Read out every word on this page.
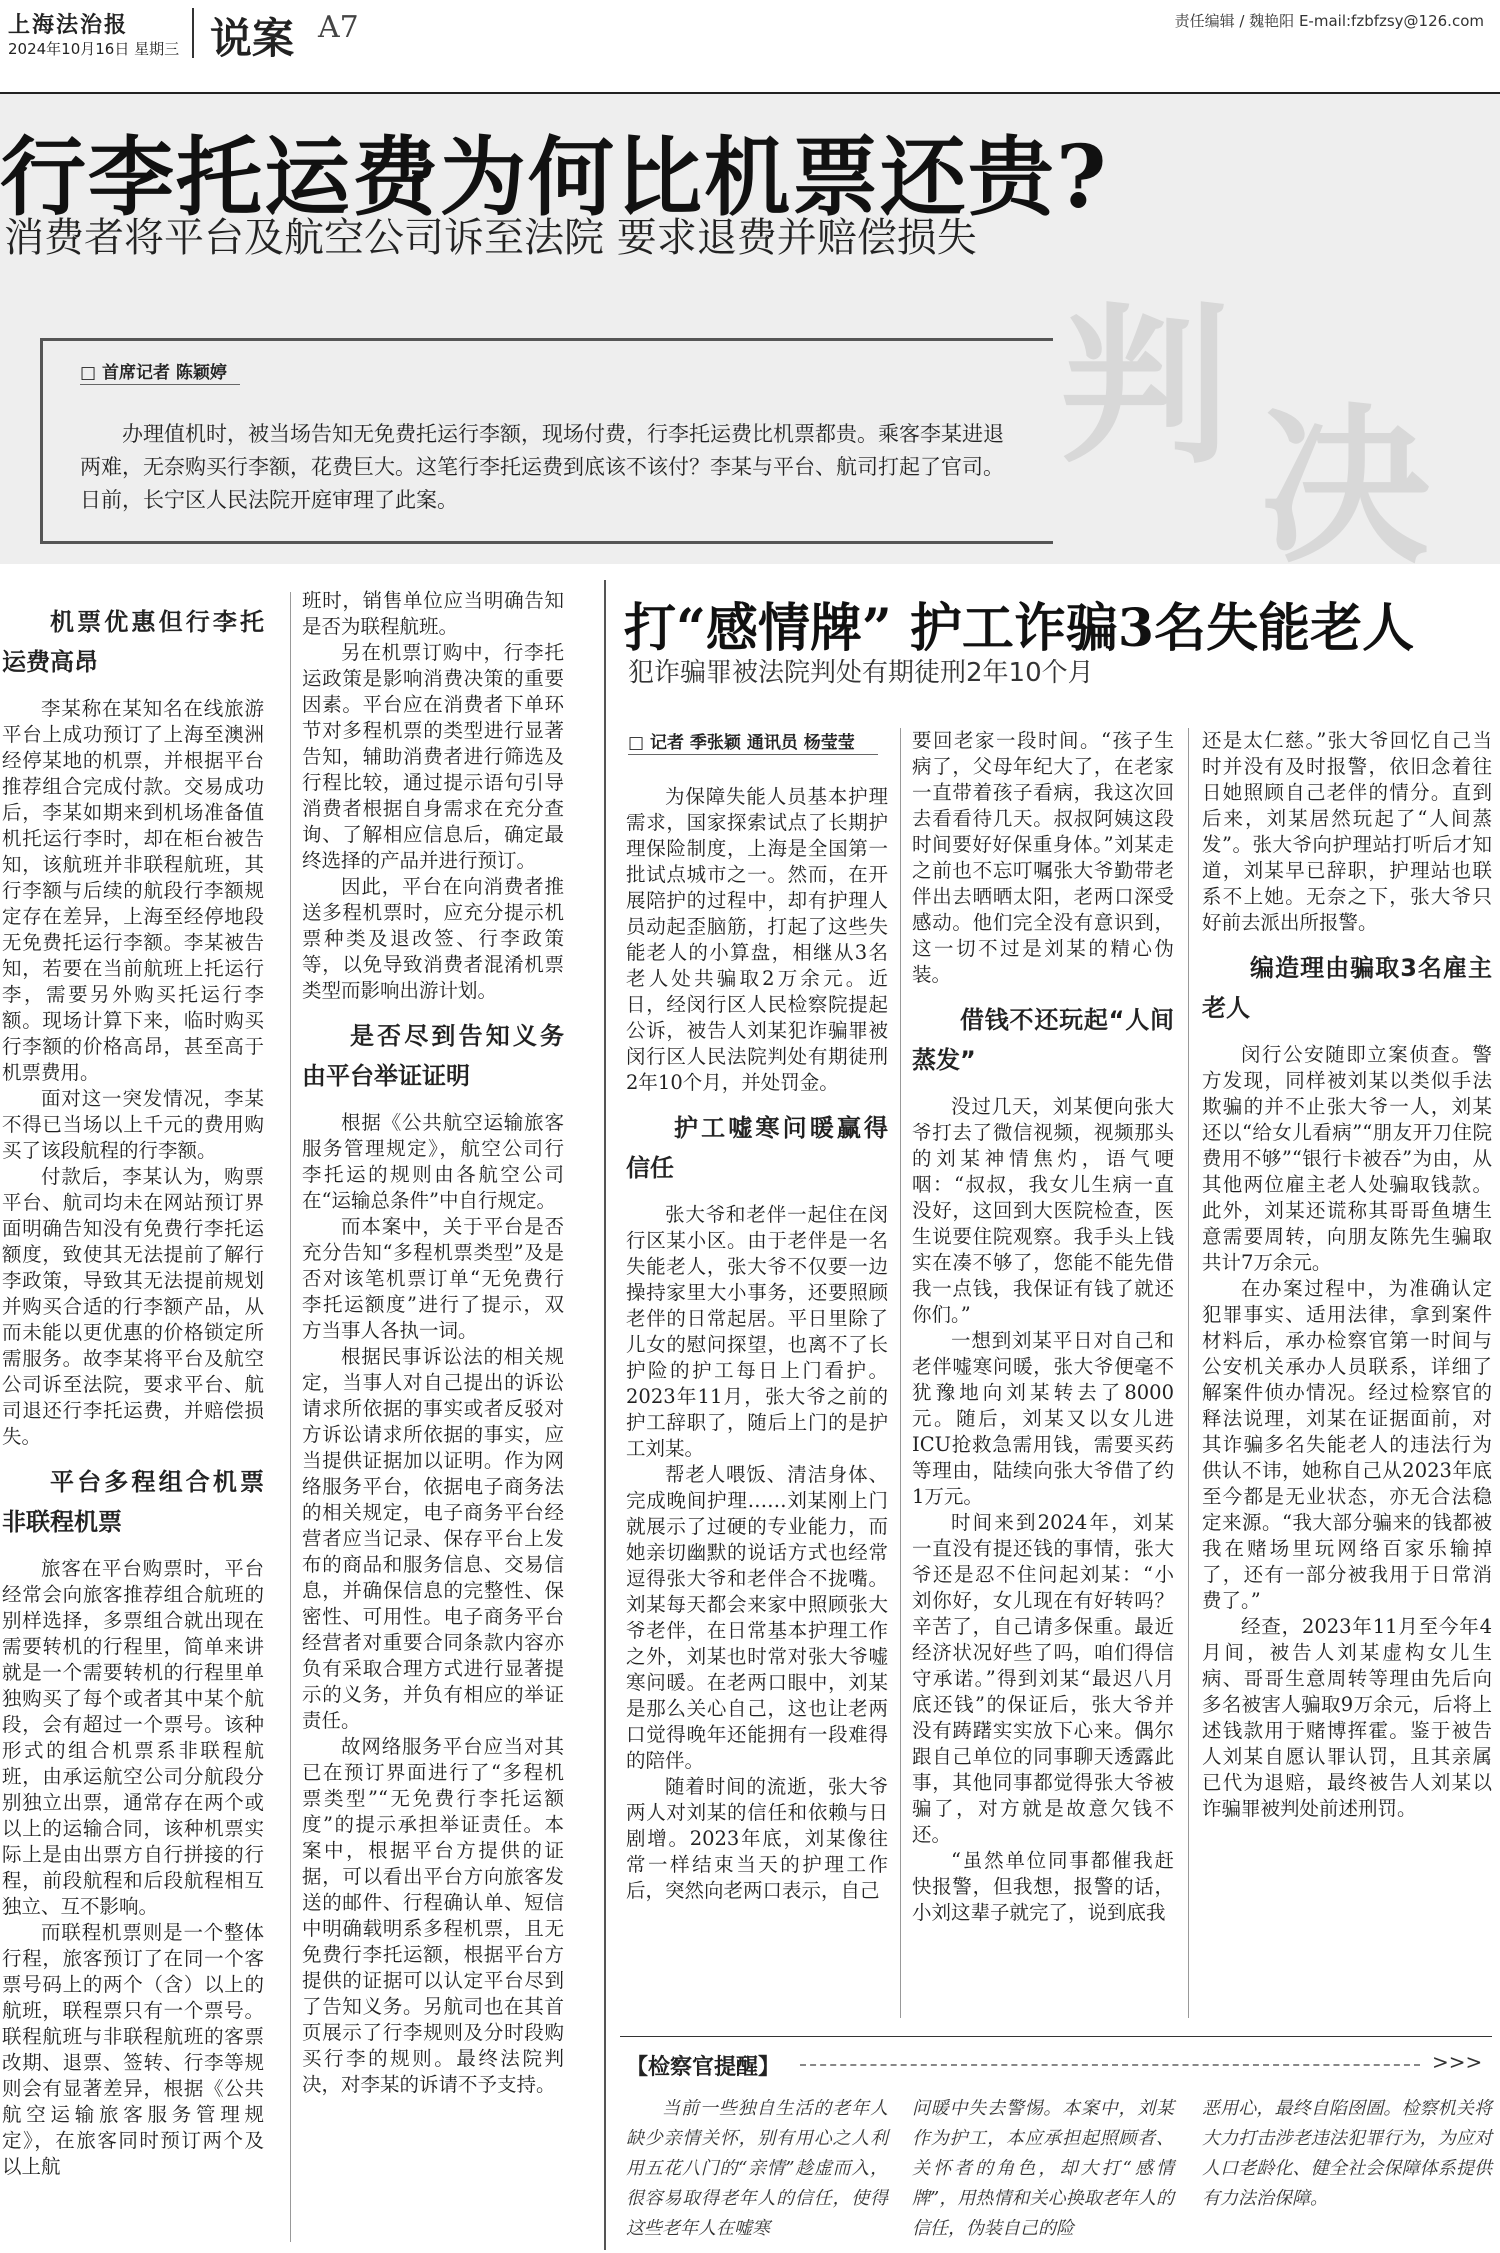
上海法治报
2024年10月16日 星期三 说案 A7	责任编辑 / 魏艳阳 E-mail:fzbfzsy@126.com
行李托运费为何比机票还贵?
消费者将平台及航空公司诉至法院 要求退费并赔偿损失
判 决
□ 首席记者 陈颖婷
办理值机时，被当场告知无免费托运行李额，现场付费，行李托运费比机票都贵。乘客李某进退两难，无奈购买行李额，花费巨大。这笔行李托运费到底该不该付？李某与平台、航司打起了官司。日前，长宁区人民法院开庭审理了此案。
机票优惠但行李托运费高昂

李某称在某知名在线旅游平台上成功预订了上海至澳洲经停某地的机票，并根据平台推荐组合完成付款。交易成功后，李某如期来到机场准备值机托运行李时，却在柜台被告知，该航班并非联程航班，其行李额与后续的航段行李额规定存在差异，上海至经停地段无免费托运行李额。李某被告知，若要在当前航班上托运行李，需要另外购买托运行李额。现场计算下来，临时购买行李额的价格高昂，甚至高于机票费用。

面对这一突发情况，李某不得已当场以上千元的费用购买了该段航程的行李额。

付款后，李某认为，购票平台、航司均未在网站预订界面明确告知没有免费行李托运额度，致使其无法提前了解行李政策，导致其无法提前规划并购买合适的行李额产品，从而未能以更优惠的价格锁定所需服务。故李某将平台及航空公司诉至法院，要求平台、航司退还行李托运费，并赔偿损失。

平台多程组合机票非联程机票

旅客在平台购票时，平台经常会向旅客推荐组合航班的别样选择，多票组合就出现在需要转机的行程里，简单来讲就是一个需要转机的行程里单独购买了每个或者其中某个航段，会有超过一个票号。该种形式的组合机票系非联程航班，由承运航空公司分航段分别独立出票，通常存在两个或以上的运输合同，该种机票实际上是由出票方自行拼接的行程，前段航程和后段航程相互独立、互不影响。

而联程机票则是一个整体行程，旅客预订了在同一个客票号码上的两个（含）以上的航班，联程票只有一个票号。联程航班与非联程航班的客票改期、退票、签转、行李等规则会有显著差异，根据《公共航空运输旅客服务管理规定》，在旅客同时预订两个及以上航

班时，销售单位应当明确告知是否为联程航班。

另在机票订购中，行李托运政策是影响消费决策的重要因素。平台应在消费者下单环节对多程机票的类型进行显著告知，辅助消费者进行筛选及行程比较，通过提示语句引导消费者根据自身需求在充分查询、了解相应信息后，确定最终选择的产品并进行预订。

因此，平台在向消费者推送多程机票时，应充分提示机票种类及退改签、行李政策等，以免导致消费者混淆机票类型而影响出游计划。

是否尽到告知义务由平台举证证明

根据《公共航空运输旅客服务管理规定》，航空公司行李托运的规则由各航空公司在“运输总条件”中自行规定。

而本案中，关于平台是否充分告知“多程机票类型”及是否对该笔机票订单“无免费行李托运额度”进行了提示，双方当事人各执一词。

根据民事诉讼法的相关规定，当事人对自己提出的诉讼请求所依据的事实或者反驳对方诉讼请求所依据的事实，应当提供证据加以证明。作为网络服务平台，依据电子商务法的相关规定，电子商务平台经营者应当记录、保存平台上发布的商品和服务信息、交易信息，并确保信息的完整性、保密性、可用性。电子商务平台经营者对重要合同条款内容亦负有采取合理方式进行显著提示的义务，并负有相应的举证责任。

故网络服务平台应当对其已在预订界面进行了“多程机票类型”“无免费行李托运额度”的提示承担举证责任。本案中，根据平台方提供的证据，可以看出平台方向旅客发送的邮件、行程确认单、短信中明确载明系多程机票，且无免费行李托运额，根据平台方提供的证据可以认定平台尽到了告知义务。另航司也在其首页展示了行李规则及分时段购买行李的规则。最终法院判决，对李某的诉请不予支持。

打“感情牌” 护工诈骗3名失能老人
犯诈骗罪被法院判处有期徒刑2年10个月
□ 记者 季张颖 通讯员 杨莹莹

为保障失能人员基本护理需求，国家探索试点了长期护理保险制度，上海是全国第一批试点城市之一。然而，在开展陪护的过程中，却有护理人员动起歪脑筋，打起了这些失能老人的小算盘，相继从3名老人处共骗取2万余元。近日，经闵行区人民检察院提起公诉，被告人刘某犯诈骗罪被闵行区人民法院判处有期徒刑2年10个月，并处罚金。

护工嘘寒问暖赢得信任

张大爷和老伴一起住在闵行区某小区。由于老伴是一名失能老人，张大爷不仅要一边操持家里大小事务，还要照顾老伴的日常起居。平日里除了儿女的慰问探望，也离不了长护险的护工每日上门看护。2023年11月，张大爷之前的护工辞职了，随后上门的是护工刘某。

帮老人喂饭、清洁身体、完成晚间护理……刘某刚上门就展示了过硬的专业能力，而她亲切幽默的说话方式也经常逗得张大爷和老伴合不拢嘴。刘某每天都会来家中照顾张大爷老伴，在日常基本护理工作之外，刘某也时常对张大爷嘘寒问暖。在老两口眼中，刘某是那么关心自己，这也让老两口觉得晚年还能拥有一段难得的陪伴。

随着时间的流逝，张大爷两人对刘某的信任和依赖与日剧增。2023年底，刘某像往常一样结束当天的护理工作后，突然向老两口表示，自己

要回老家一段时间。“孩子生病了，父母年纪大了，在老家一直带着孩子看病，我这次回去看看待几天。叔叔阿姨这段时间要好好保重身体。”刘某走之前也不忘叮嘱张大爷勤带老伴出去晒晒太阳，老两口深受感动。他们完全没有意识到，这一切不过是刘某的精心伪装。

借钱不还玩起“人间蒸发”

没过几天，刘某便向张大爷打去了微信视频，视频那头的刘某神情焦灼，语气哽咽：“叔叔，我女儿生病一直没好，这回到大医院检查，医生说要住院观察。我手头上钱实在凑不够了，您能不能先借我一点钱，我保证有钱了就还你们。”

一想到刘某平日对自己和老伴嘘寒问暖，张大爷便毫不犹豫地向刘某转去了8000元。随后，刘某又以女儿进ICU抢救急需用钱，需要买药等理由，陆续向张大爷借了约1万元。

时间来到2024年，刘某一直没有提还钱的事情，张大爷还是忍不住问起刘某：“小刘你好，女儿现在有好转吗？辛苦了，自己请多保重。最近经济状况好些了吗，咱们得信守承诺。”得到刘某“最迟八月底还钱”的保证后，张大爷并没有踌躇实实放下心来。偶尔跟自己单位的同事聊天透露此事，其他同事都觉得张大爷被骗了，对方就是故意欠钱不还。

“虽然单位同事都催我赶快报警，但我想，报警的话，小刘这辈子就完了，说到底我

还是太仁慈。”张大爷回忆自己当时并没有及时报警，依旧念着往日她照顾自己老伴的情分。直到后来，刘某居然玩起了“人间蒸发”。张大爷向护理站打听后才知道，刘某早已辞职，护理站也联系不上她。无奈之下，张大爷只好前去派出所报警。

编造理由骗取3名雇主老人

闵行公安随即立案侦查。警方发现，同样被刘某以类似手法欺骗的并不止张大爷一人，刘某还以“给女儿看病”“朋友开刀住院费用不够”“银行卡被吞”为由，从其他两位雇主老人处骗取钱款。此外，刘某还谎称其哥哥鱼塘生意需要周转，向朋友陈先生骗取共计7万余元。

在办案过程中，为准确认定犯罪事实、适用法律，拿到案件材料后，承办检察官第一时间与公安机关承办人员联系，详细了解案件侦办情况。经过检察官的释法说理，刘某在证据面前，对其诈骗多名失能老人的违法行为供认不讳，她称自己从2023年底至今都是无业状态，亦无合法稳定来源。“我大部分骗来的钱都被我在赌场里玩网络百家乐输掉了，还有一部分被我用于日常消费了。”

经查，2023年11月至今年4月间，被告人刘某虚构女儿生病、哥哥生意周转等理由先后向多名被害人骗取9万余元，后将上述钱款用于赌博挥霍。鉴于被告人刘某自愿认罪认罚，且其亲属已代为退赔，最终被告人刘某以诈骗罪被判处前述刑罚。

【检察官提醒】	>>>
当前一些独自生活的老年人缺少亲情关怀，别有用心之人利用五花八门的“亲情”趁虚而入，很容易取得老年人的信任，使得这些老年人在嘘寒
问暖中失去警惕。本案中，刘某作为护工，本应承担起照顾者、关怀者的角色，却大打“感情牌”，用热情和关心换取老年人的信任，伪装自己的险
恶用心，最终自陷囹圄。检察机关将大力打击涉老违法犯罪行为，为应对人口老龄化、健全社会保障体系提供有力法治保障。
